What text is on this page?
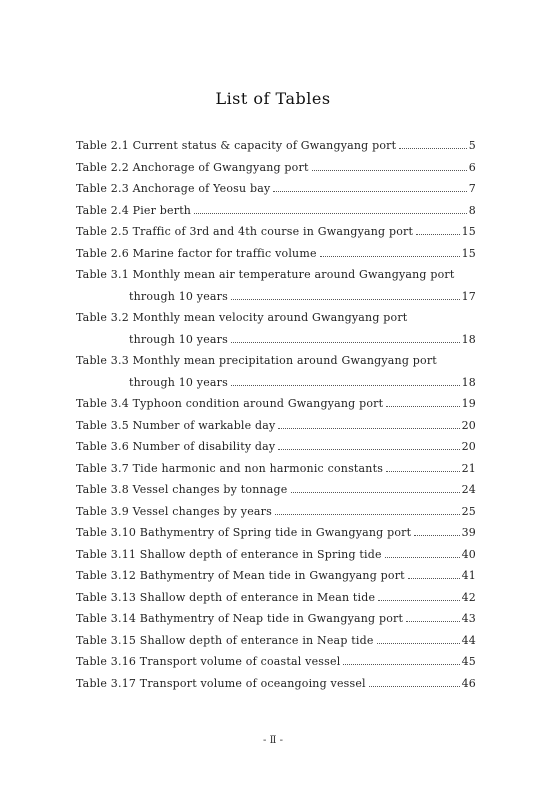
List of Tables
Table 2.1 Current status & capacity of Gwangyang port	5
Table 2.2 Anchorage of Gwangyang port	6
Table 2.3 Anchorage of Yeosu bay	7
Table 2.4 Pier berth	8
Table 2.5 Traffic of 3rd and 4th course in Gwangyang port	15
Table 2.6 Marine factor for traffic volume	15
Table 3.1 Monthly mean air temperature around Gwangyang port
through 10 years	17
Table 3.2 Monthly mean velocity around Gwangyang port
through 10 years	18
Table 3.3 Monthly mean precipitation around Gwangyang port
through 10 years	18
Table 3.4 Typhoon condition around Gwangyang port	19
Table 3.5 Number of warkable day	20
Table 3.6 Number of disability day	20
Table 3.7 Tide harmonic and non harmonic constants	21
Table 3.8 Vessel changes by tonnage	24
Table 3.9 Vessel changes by years	25
Table 3.10 Bathymentry of Spring tide in Gwangyang port	39
Table 3.11 Shallow depth of enterance in Spring tide	40
Table 3.12 Bathymentry of Mean tide in Gwangyang port	41
Table 3.13 Shallow depth of enterance in Mean tide	42
Table 3.14 Bathymentry of Neap tide in Gwangyang port	43
Table 3.15 Shallow depth of enterance in Neap tide	44
Table 3.16 Transport volume of coastal vessel	45
Table 3.17 Transport volume of oceangoing vessel	46
- Ⅱ -
